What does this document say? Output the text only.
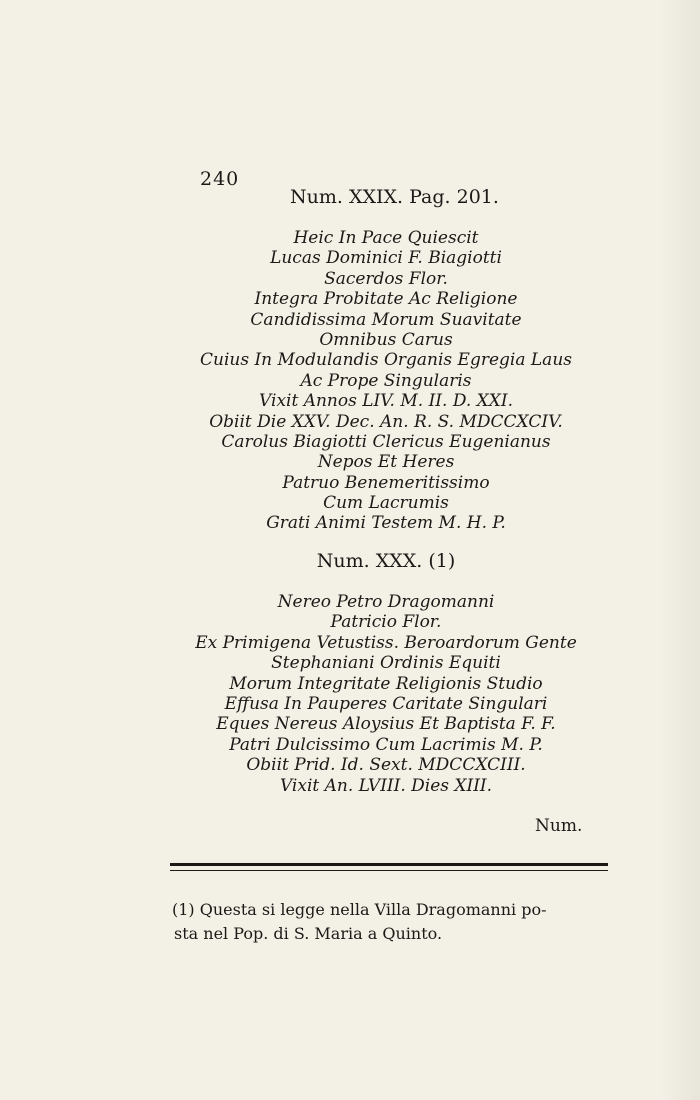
240
Num. XXIX. Pag. 201.
Heic In Pace Quiescit
Lucas Dominici F. Biagiotti
Sacerdos Flor.
Integra Probitate Ac Religione
Candidissima Morum Suavitate
Omnibus Carus
Cuius In Modulandis Organis Egregia Laus
Ac Prope Singularis
Vixit Annos LIV. M. II. D. XXI.
Obiit Die XXV. Dec. An. R. S. MDCCXCIV.
Carolus Biagiotti Clericus Eugenianus
Nepos Et Heres
Patruo Benemeritissimo
Cum Lacrumis
Grati Animi Testem M. H. P.
Num. XXX. (1)
Nereo Petro Dragomanni
Patricio Flor.
Ex Primigena Vetustiss. Beroardorum Gente
Stephaniani Ordinis Equiti
Morum Integritate Religionis Studio
Effusa In Pauperes Caritate Singulari
Eques Nereus Aloysius Et Baptista F. F.
Patri Dulcissimo Cum Lacrimis M. P.
Obiit Prid. Id. Sext. MDCCXCIII.
Vixit An. LVIII. Dies XIII.
Num.
(1) Questa si legge nella Villa Dragomanni po-
sta nel Pop. di S. Maria a Quinto.
